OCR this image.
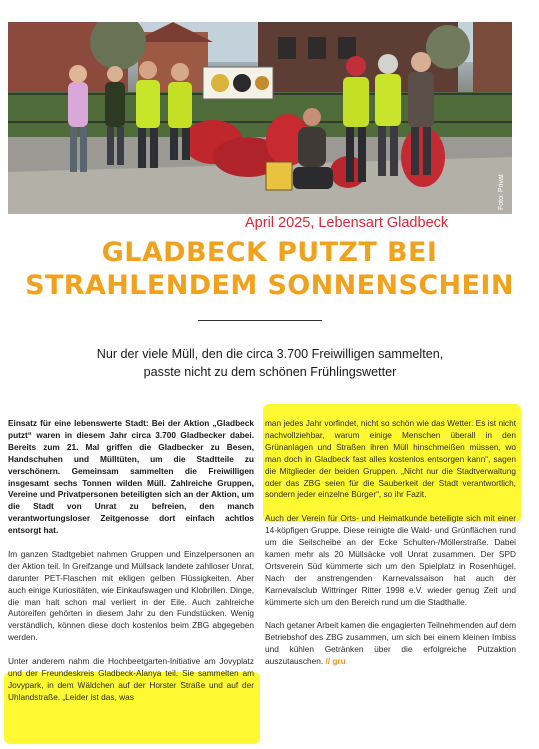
Foto: Privat
April 2025, Lebensart Gladbeck
GLADBECK PUTZT BEI
STRAHLENDEM SONNENSCHEIN
Nur der viele Müll, den die circa 3.700 Freiwilligen sammelten,
passte nicht zu dem schönen Frühlingswetter

Einsatz für eine lebenswerte Stadt: Bei der Aktion „Gladbeck putzt“ waren in diesem Jahr circa 3.700 Gladbecker dabei. Bereits zum 21. Mal griffen die Gladbecker zu Besen, Handschuhen und Mülltüten, um die Stadtteile zu verschönern. Gemeinsam sammelten die Freiwilligen insgesamt sechs Tonnen wilden Müll. Zahlreiche Gruppen, Vereine und Privatpersonen beteiligten sich an der Aktion, um die Stadt von Unrat zu befreien, den manch verantwortungsloser Zeitgenosse dort einfach achtlos entsorgt hat.

Im ganzen Stadtgebiet nahmen Gruppen und Einzelpersonen an der Aktion teil. In Greifzange und Müllsack landete zahlloser Unrat, darunter PET-Flaschen mit ekligen gelben Flüssigkeiten. Aber auch einige Kuriositäten, wie Einkaufswagen und Klobrillen. Dinge, die man halt schon mal verliert in der Eile. Auch zahlreiche Autoreifen gehörten in diesem Jahr zu den Fundstücken. Wenig verständlich, können diese doch kostenlos beim ZBG abgegeben werden.

Unter anderem nahm die Hochbeetgarten-Initiative am Jovyplatz und der Freundeskreis Gladbeck-Alanya teil. Sie sammelten am Jovypark, in dem Wäldchen auf der Horster Straße und auf der Uhlandstraße. „Leider ist das, was

man jedes Jahr vorfindet, nicht so schön wie das Wetter. Es ist nicht nachvollziehbar, warum einige Menschen überall in den Grünanlagen und Straßen ihren Müll hinschmeißen müssen, wo man doch in Gladbeck fast alles kostenlos entsorgen kann“, sagen die Mitglieder der beiden Gruppen. „Nicht nur die Stadtverwaltung oder das ZBG seien für die Sauberkeit der Stadt verantwortlich, sondern jeder einzelne Bürger“, so ihr Fazit.

Auch der Verein für Orts- und Heimatkunde beteiligte sich mit einer 14-köpfigen Gruppe. Diese reinigte die Wald- und Grünflächen rund um die Seilscheibe an der Ecke Schulten-/Möllerstraße. Dabei kamen mehr als 20 Müllsäcke voll Unrat zusammen. Der SPD Ortsverein Süd kümmerte sich um den Spielplatz in Rosenhügel. Nach der anstrengenden Karnevalssaison hat auch der Karnevalsclub Wittringer Ritter 1998 e.V. wieder genug Zeit und kümmerte sich um den Bereich rund um die Stadthalle.

Nach getaner Arbeit kamen die engagierten Teilnehmenden auf dem Betriebshof des ZBG zusammen, um sich bei einem kleinen Imbiss und kühlen Getränken über die erfolgreiche Putzaktion auszutauschen. // gru
